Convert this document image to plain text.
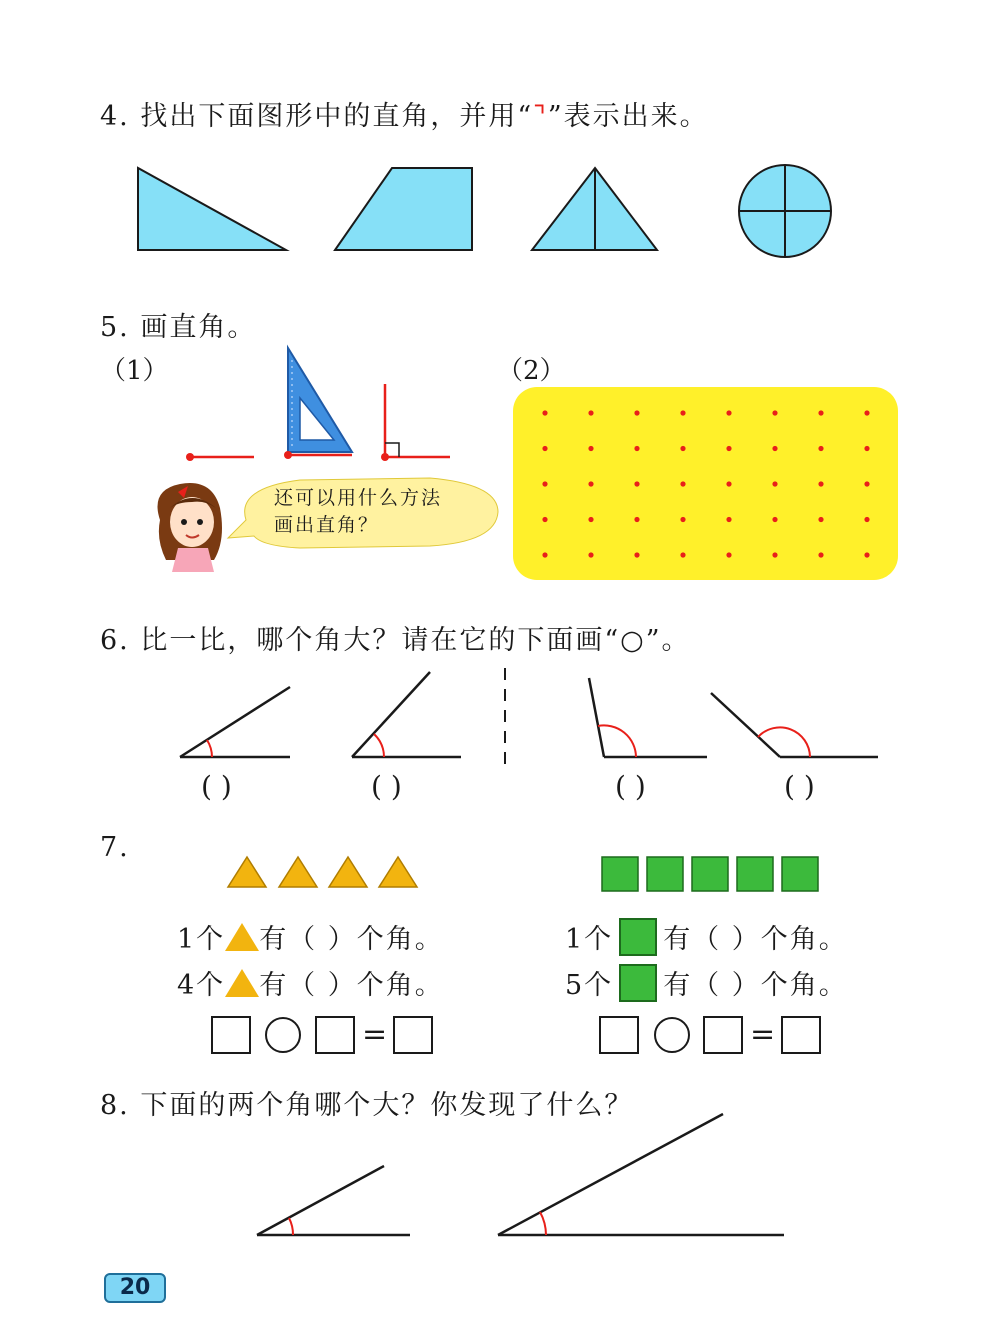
4. 找出下面图形中的直角，并用“⌝”表示出来。
5. 画直角。
（1）	（2）
还可以用什么方法
画出直角？
6. 比一比，哪个角大？请在它的下面画“○”。
( )	( )	( )	( )
7.
1个 有（ ）个角。
4个 有（ ）个角。
1个 有（ ）个角。
5个 有（ ）个角。
=	=
8. 下面的两个角哪个大？你发现了什么？
20
